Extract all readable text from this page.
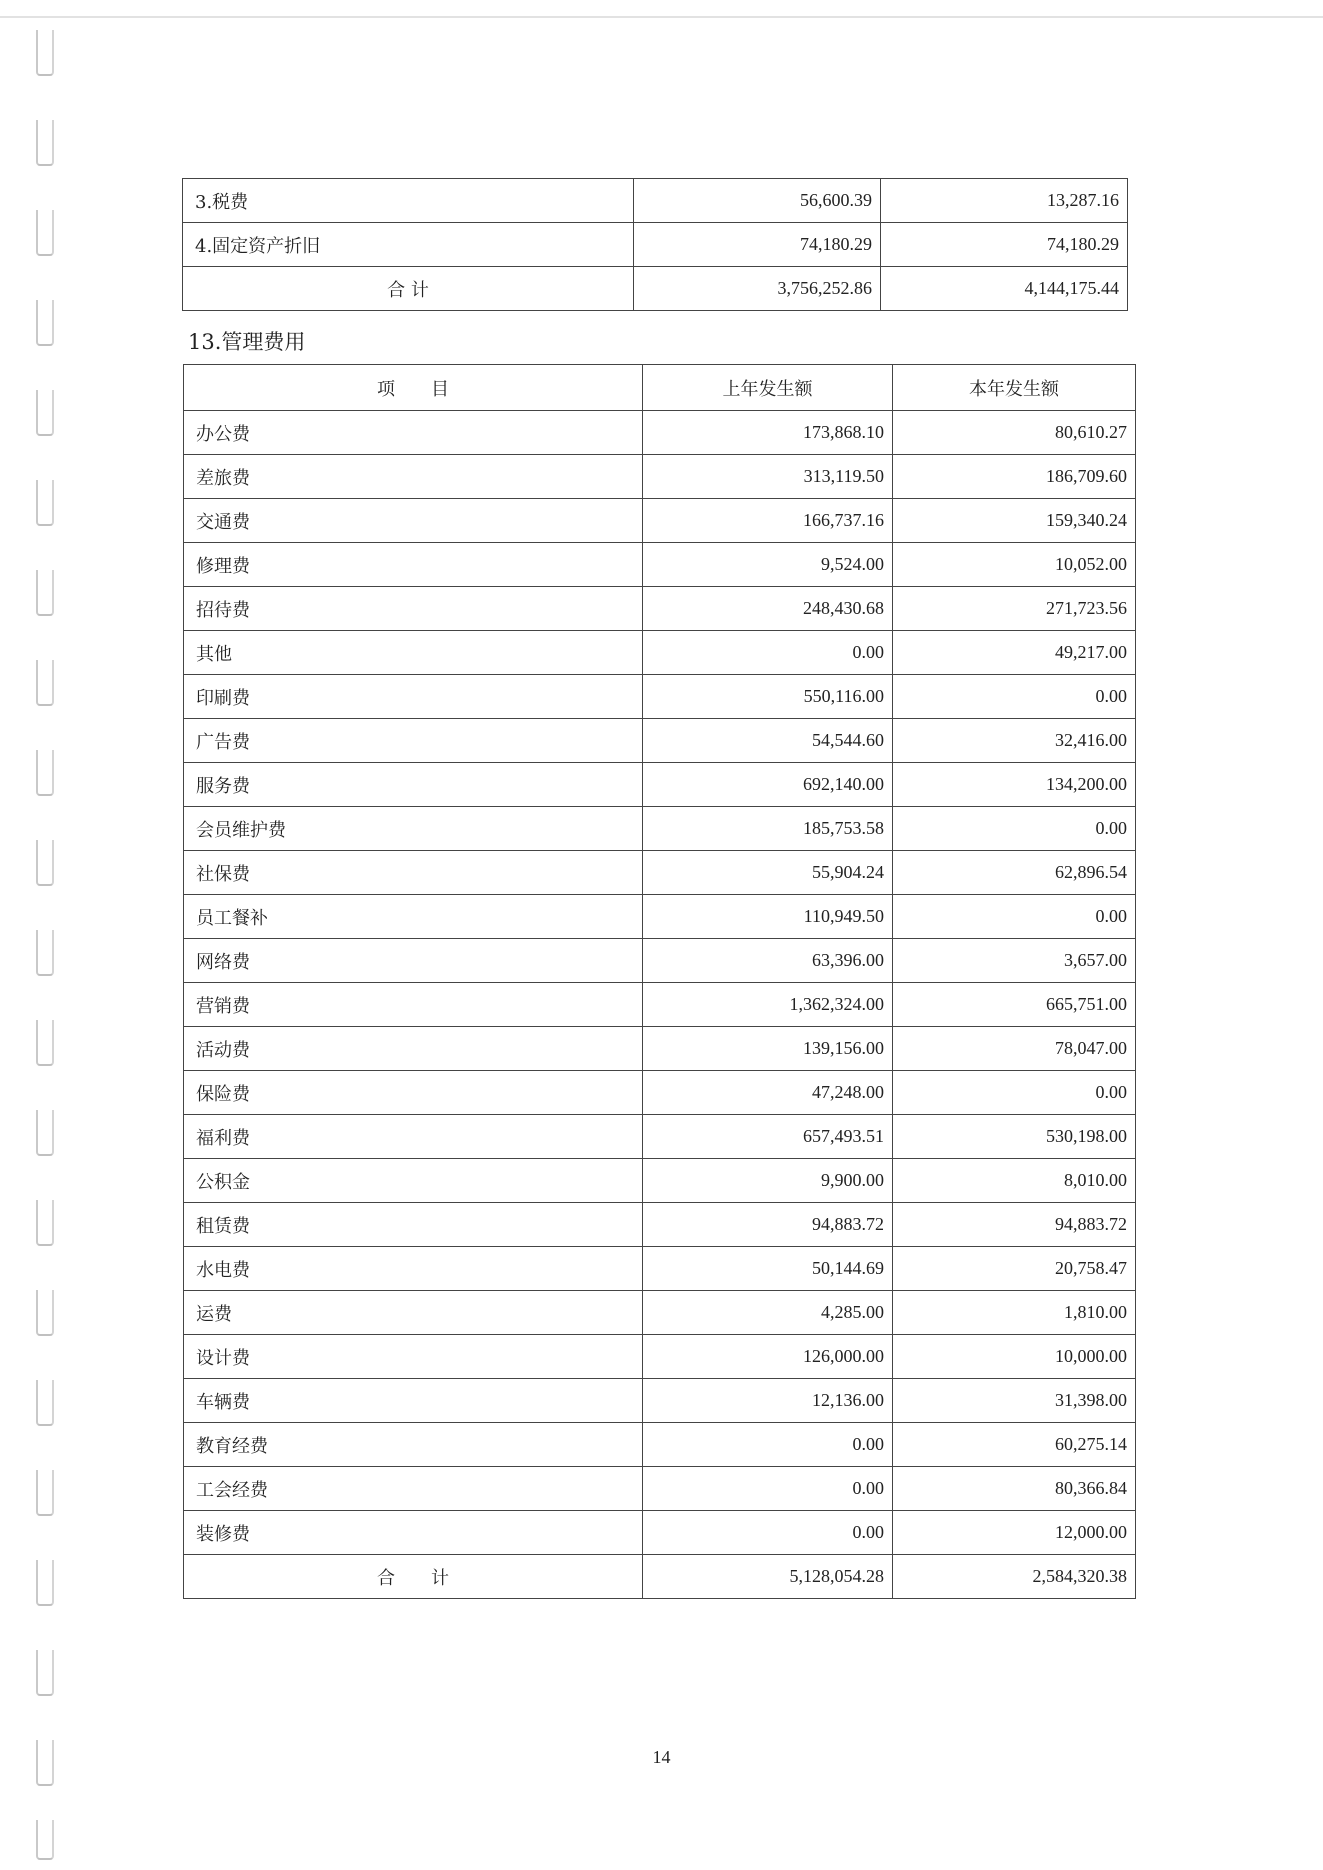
3.税费	56,600.39	13,287.16
4.固定资产折旧	74,180.29	74,180.29
合 计	3,756,252.86	4,144,175.44
13.管理费用
项　　目	上年发生额	本年发生额
办公费	173,868.10	80,610.27
差旅费	313,119.50	186,709.60
交通费	166,737.16	159,340.24
修理费	9,524.00	10,052.00
招待费	248,430.68	271,723.56
其他	0.00	49,217.00
印刷费	550,116.00	0.00
广告费	54,544.60	32,416.00
服务费	692,140.00	134,200.00
会员维护费	185,753.58	0.00
社保费	55,904.24	62,896.54
员工餐补	110,949.50	0.00
网络费	63,396.00	3,657.00
营销费	1,362,324.00	665,751.00
活动费	139,156.00	78,047.00
保险费	47,248.00	0.00
福利费	657,493.51	530,198.00
公积金	9,900.00	8,010.00
租赁费	94,883.72	94,883.72
水电费	50,144.69	20,758.47
运费	4,285.00	1,810.00
设计费	126,000.00	10,000.00
车辆费	12,136.00	31,398.00
教育经费	0.00	60,275.14
工会经费	0.00	80,366.84
装修费	0.00	12,000.00
合　　计	5,128,054.28	2,584,320.38
14
